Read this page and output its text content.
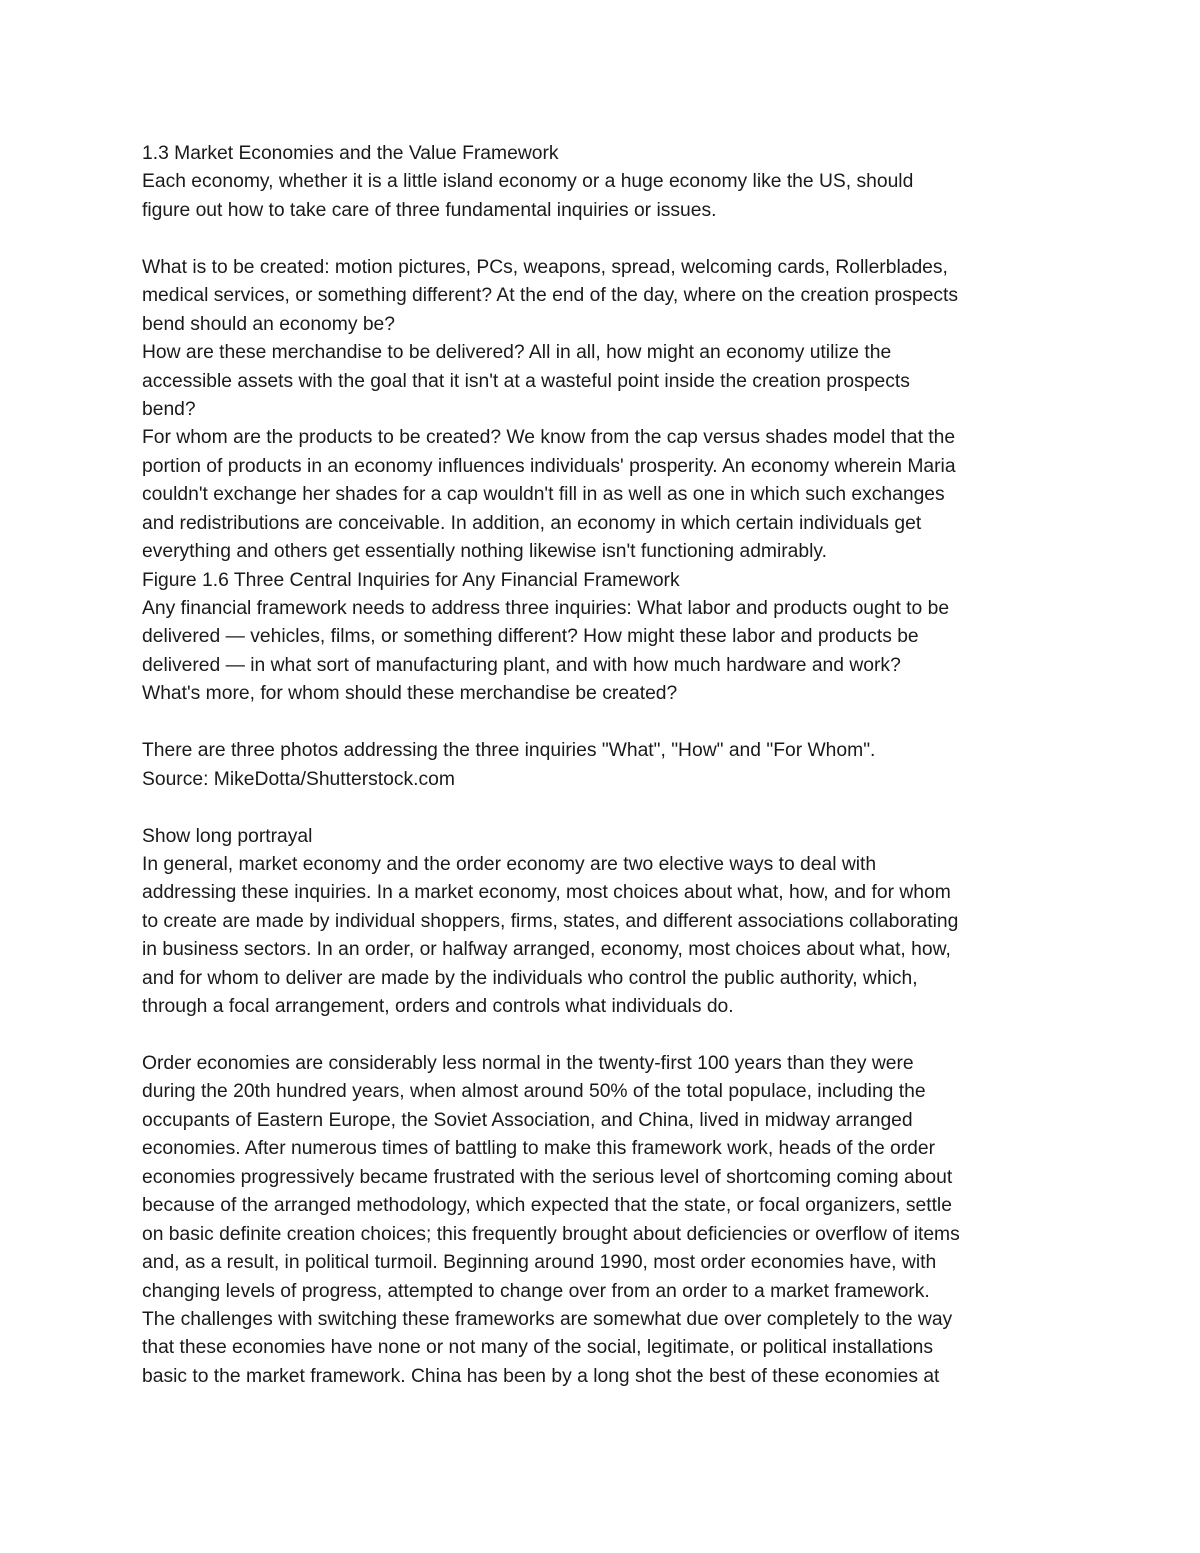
1.3 Market Economies and the Value Framework
Each economy, whether it is a little island economy or a huge economy like the US, should
figure out how to take care of three fundamental inquiries or issues.
What is to be created: motion pictures, PCs, weapons, spread, welcoming cards, Rollerblades,
medical services, or something different? At the end of the day, where on the creation prospects
bend should an economy be?
How are these merchandise to be delivered? All in all, how might an economy utilize the
accessible assets with the goal that it isn't at a wasteful point inside the creation prospects
bend?
For whom are the products to be created? We know from the cap versus shades model that the
portion of products in an economy influences individuals' prosperity. An economy wherein Maria
couldn't exchange her shades for a cap wouldn't fill in as well as one in which such exchanges
and redistributions are conceivable. In addition, an economy in which certain individuals get
everything and others get essentially nothing likewise isn't functioning admirably.
Figure 1.6 Three Central Inquiries for Any Financial Framework
Any financial framework needs to address three inquiries: What labor and products ought to be
delivered — vehicles, films, or something different? How might these labor and products be
delivered — in what sort of manufacturing plant, and with how much hardware and work?
What's more, for whom should these merchandise be created?
There are three photos addressing the three inquiries "What", "How" and "For Whom".
Source: MikeDotta/Shutterstock.com
Show long portrayal
In general, market economy and the order economy are two elective ways to deal with
addressing these inquiries. In a market economy, most choices about what, how, and for whom
to create are made by individual shoppers, firms, states, and different associations collaborating
in business sectors. In an order, or halfway arranged, economy, most choices about what, how,
and for whom to deliver are made by the individuals who control the public authority, which,
through a focal arrangement, orders and controls what individuals do.
Order economies are considerably less normal in the twenty-first 100 years than they were
during the 20th hundred years, when almost around 50% of the total populace, including the
occupants of Eastern Europe, the Soviet Association, and China, lived in midway arranged
economies. After numerous times of battling to make this framework work, heads of the order
economies progressively became frustrated with the serious level of shortcoming coming about
because of the arranged methodology, which expected that the state, or focal organizers, settle
on basic definite creation choices; this frequently brought about deficiencies or overflow of items
and, as a result, in political turmoil. Beginning around 1990, most order economies have, with
changing levels of progress, attempted to change over from an order to a market framework.
The challenges with switching these frameworks are somewhat due over completely to the way
that these economies have none or not many of the social, legitimate, or political installations
basic to the market framework. China has been by a long shot the best of these economies at
